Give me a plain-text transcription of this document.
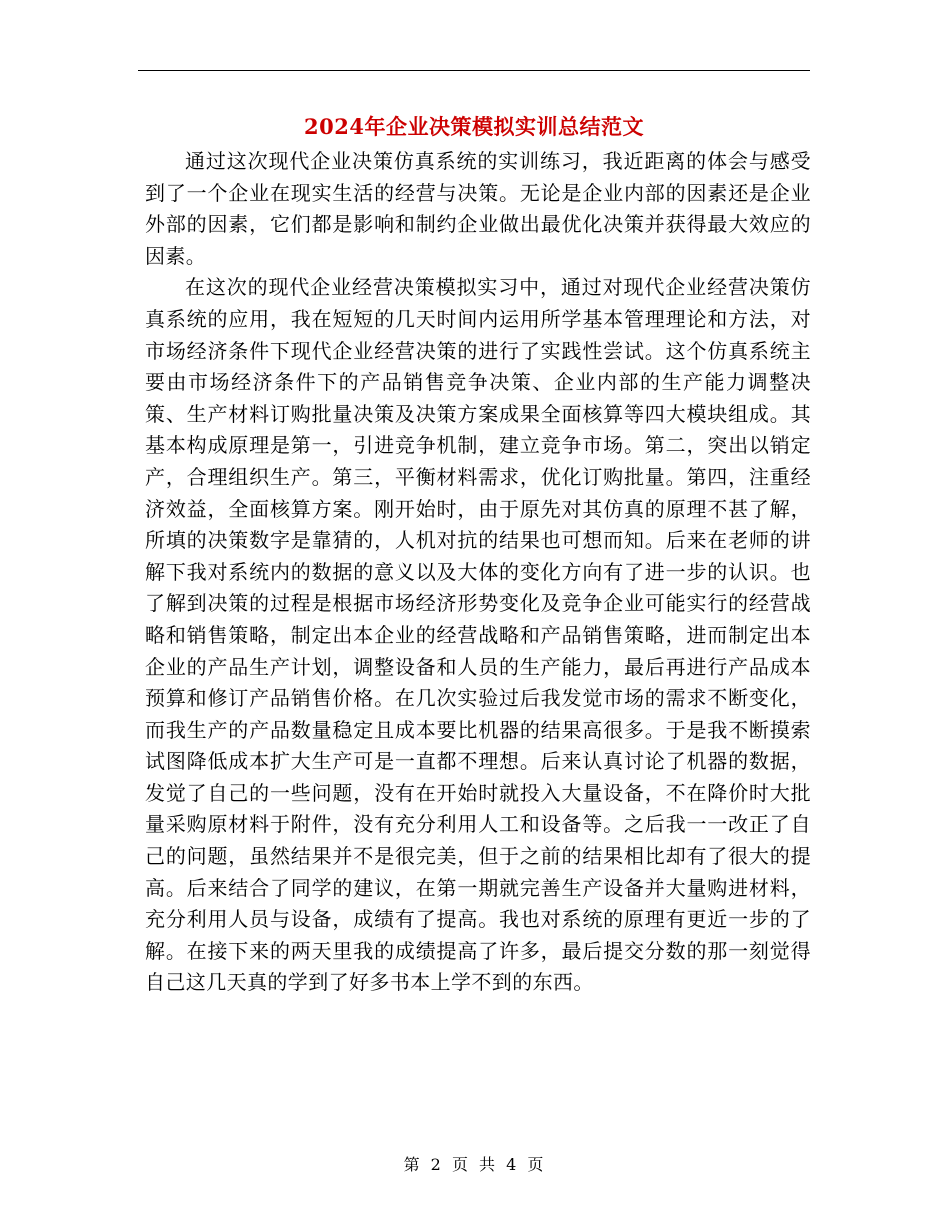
2024年企业决策模拟实训总结范文

通过这次现代企业决策仿真系统的实训练习，我近距离的体会与感受到了一个企业在现实生活的经营与决策。无论是企业内部的因素还是企业外部的因素，它们都是影响和制约企业做出最优化决策并获得最大效应的因素。

在这次的现代企业经营决策模拟实习中，通过对现代企业经营决策仿真系统的应用，我在短短的几天时间内运用所学基本管理理论和方法，对市场经济条件下现代企业经营决策的进行了实践性尝试。这个仿真系统主要由市场经济条件下的产品销售竞争决策、企业内部的生产能力调整决策、生产材料订购批量决策及决策方案成果全面核算等四大模块组成。其基本构成原理是第一，引进竞争机制，建立竞争市场。第二，突出以销定产，合理组织生产。第三，平衡材料需求，优化订购批量。第四，注重经济效益，全面核算方案。刚开始时，由于原先对其仿真的原理不甚了解，所填的决策数字是靠猜的，人机对抗的结果也可想而知。后来在老师的讲解下我对系统内的数据的意义以及大体的变化方向有了进一步的认识。也了解到决策的过程是根据市场经济形势变化及竞争企业可能实行的经营战略和销售策略，制定出本企业的经营战略和产品销售策略，进而制定出本企业的产品生产计划，调整设备和人员的生产能力，最后再进行产品成本预算和修订产品销售价格。在几次实验过后我发觉市场的需求不断变化，而我生产的产品数量稳定且成本要比机器的结果高很多。于是我不断摸索试图降低成本扩大生产可是一直都不理想。后来认真讨论了机器的数据，发觉了自己的一些问题，没有在开始时就投入大量设备，不在降价时大批量采购原材料于附件，没有充分利用人工和设备等。之后我一一改正了自己的问题，虽然结果并不是很完美，但于之前的结果相比却有了很大的提高。后来结合了同学的建议，在第一期就完善生产设备并大量购进材料，充分利用人员与设备，成绩有了提高。我也对系统的原理有更近一步的了解。在接下来的两天里我的成绩提高了许多，最后提交分数的那一刻觉得自己这几天真的学到了好多书本上学不到的东西。

第 2 页 共 4 页
